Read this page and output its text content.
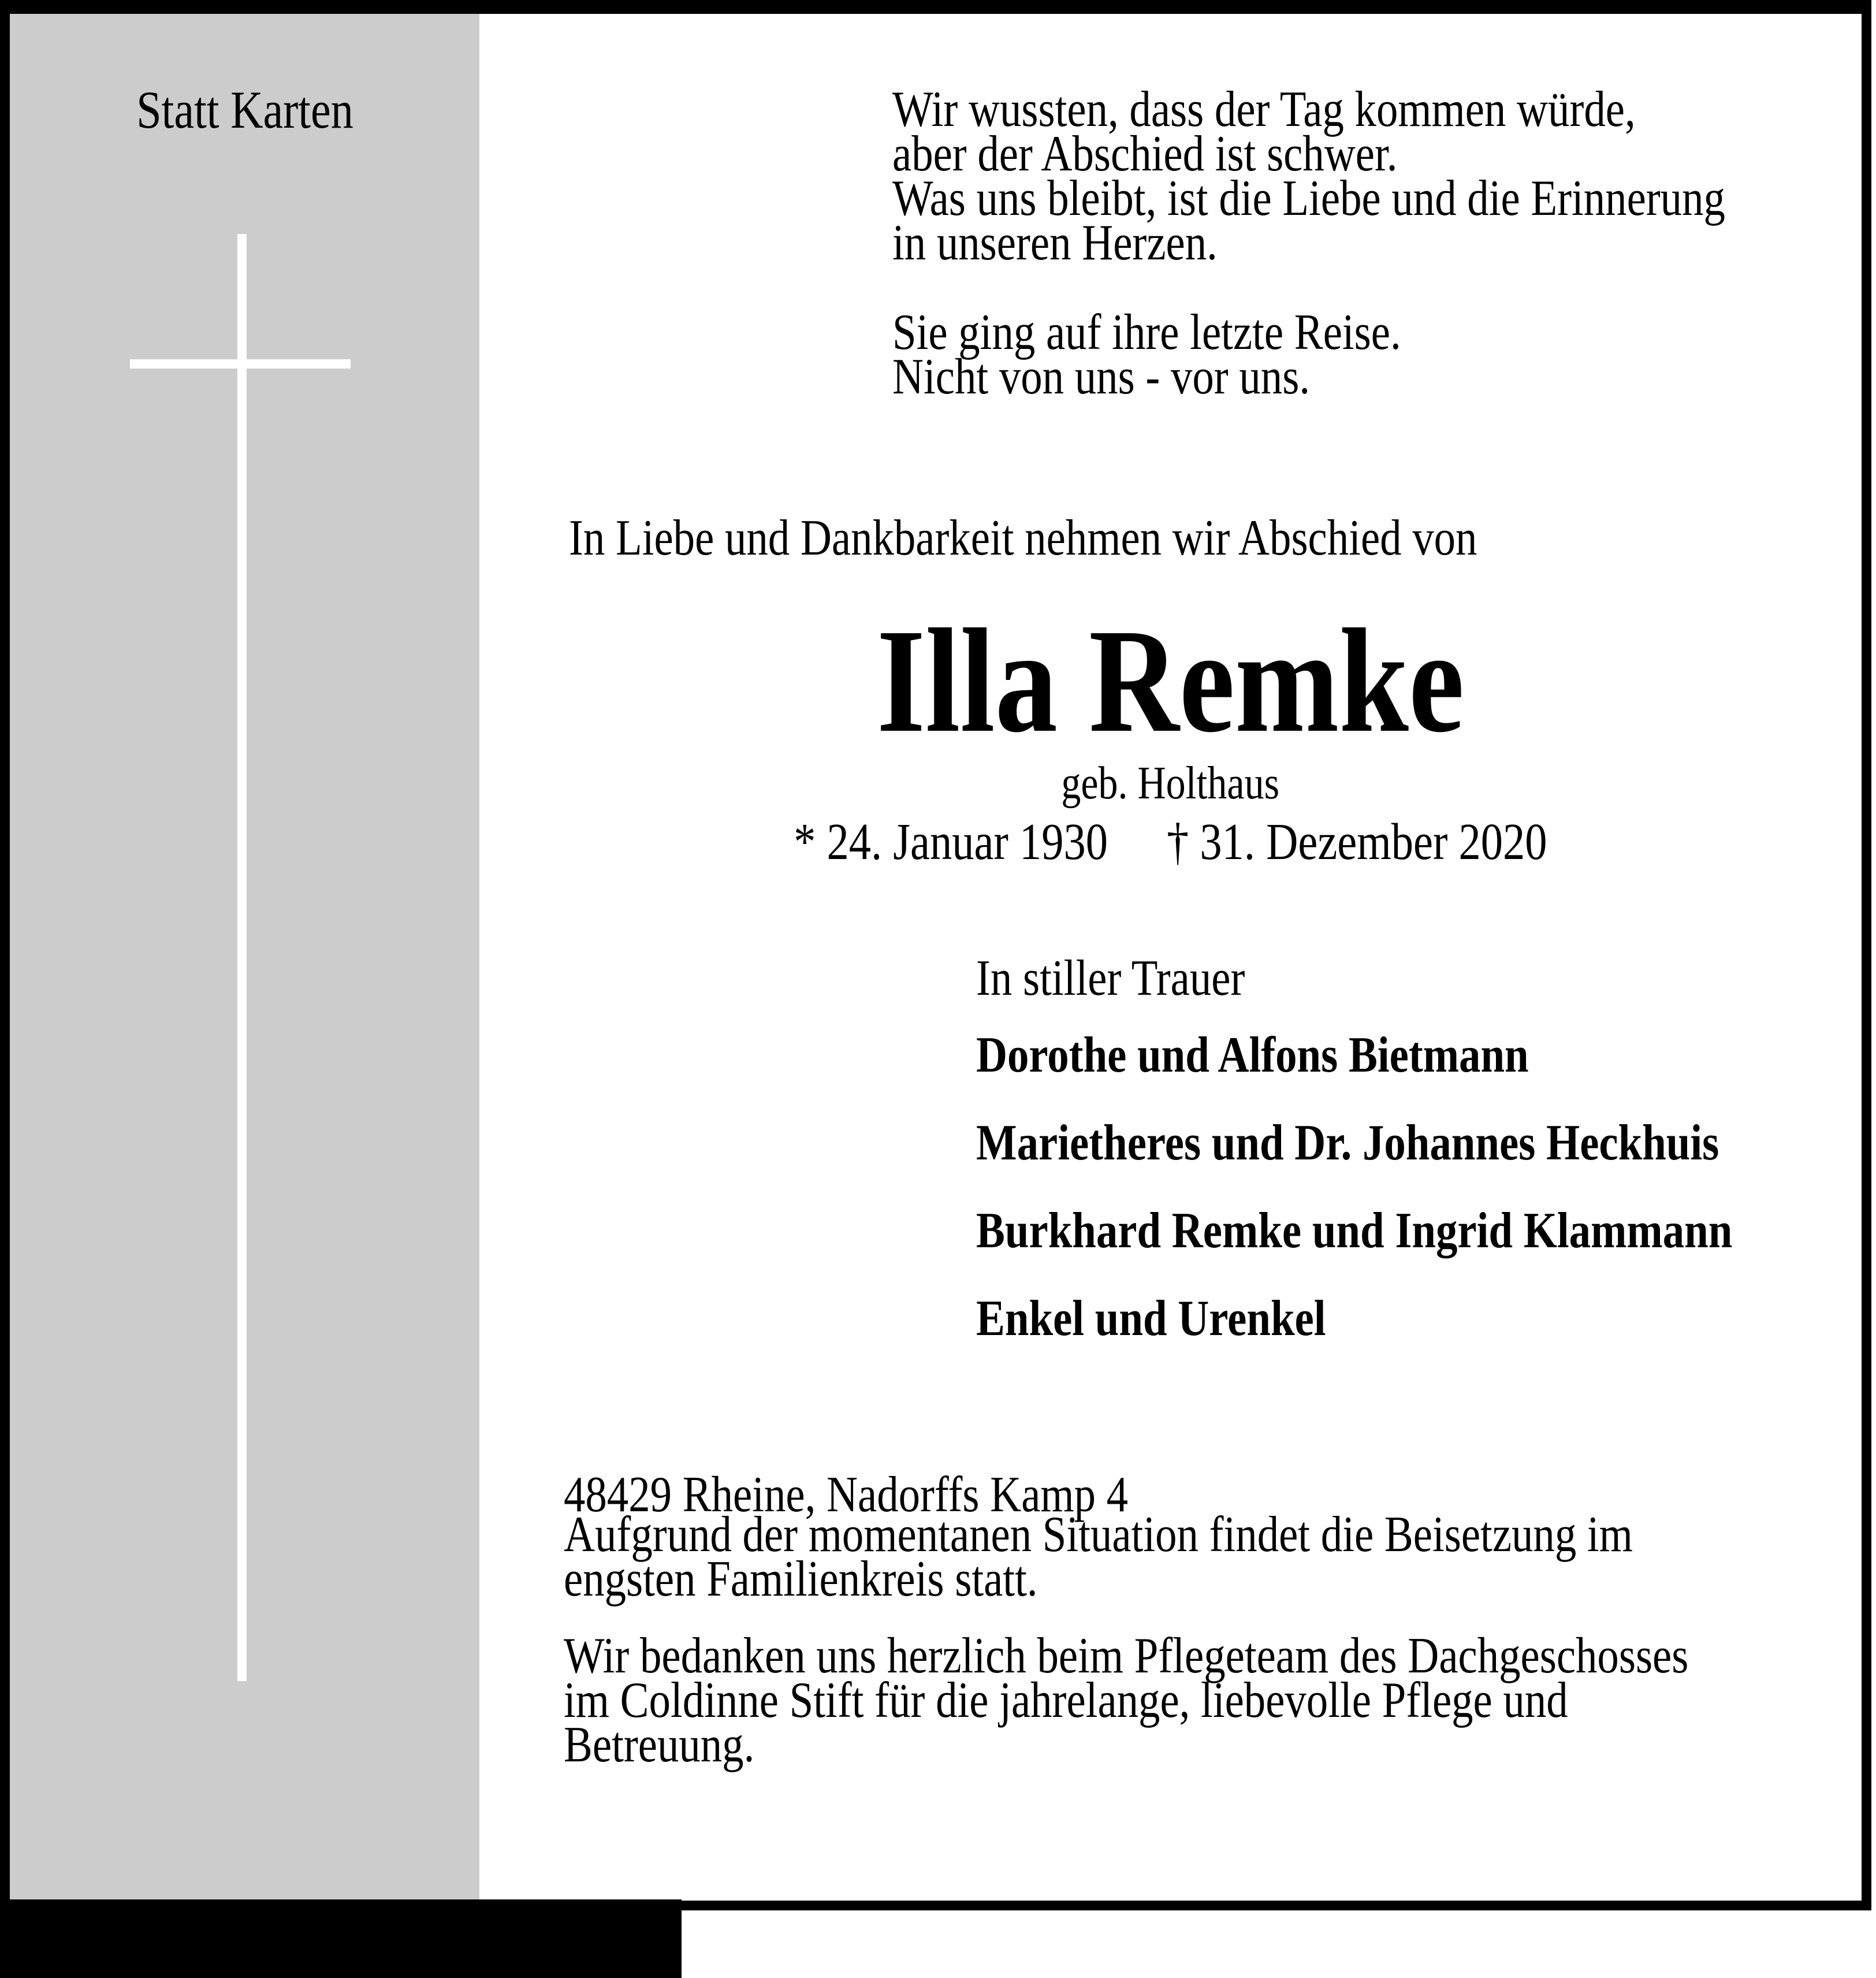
Statt Karten	Wir wussten, dass der Tag kommen würde,
aber der Abschied ist schwer.
Was uns bleibt, ist die Liebe und die Erinnerung
in unseren Herzen.
Sie ging auf ihre letzte Reise.
Nicht von uns - vor uns.
In Liebe und Dankbarkeit nehmen wir Abschied von
Illa Remke
geb. Holthaus
* 24. Januar 1930 † 31. Dezember 2020
In stiller Trauer
Dorothe und Alfons Bietmann
Marietheres und Dr. Johannes Heckhuis
Burkhard Remke und Ingrid Klammann
Enkel und Urenkel
48429 Rheine, Nadorffs Kamp 4
Aufgrund der momentanen Situation findet die Beisetzung im
engsten Familienkreis statt.
Wir bedanken uns herzlich beim Pflegeteam des Dachgeschosses
im Coldinne Stift für die jahrelange, liebevolle Pflege und
Betreuung.
